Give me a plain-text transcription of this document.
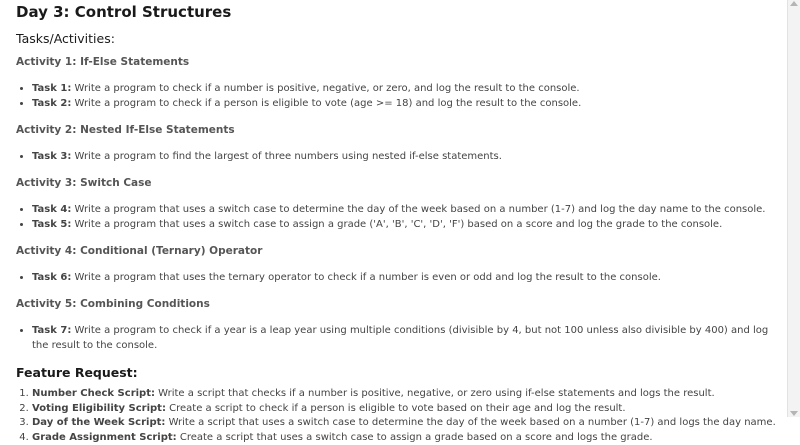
Day 3: Control Structures
Tasks/Activities:
Activity 1: If-Else Statements
• Task 1: Write a program to check if a number is positive, negative, or zero, and log the result to the console.
• Task 2: Write a program to check if a person is eligible to vote (age >= 18) and log the result to the console.
Activity 2: Nested If-Else Statements
• Task 3: Write a program to find the largest of three numbers using nested if-else statements.
Activity 3: Switch Case
• Task 4: Write a program that uses a switch case to determine the day of the week based on a number (1-7) and log the day name to the console.
• Task 5: Write a program that uses a switch case to assign a grade ('A', 'B', 'C', 'D', 'F') based on a score and log the grade to the console.
Activity 4: Conditional (Ternary) Operator
• Task 6: Write a program that uses the ternary operator to check if a number is even or odd and log the result to the console.
Activity 5: Combining Conditions
• Task 7: Write a program to check if a year is a leap year using multiple conditions (divisible by 4, but not 100 unless also divisible by 400) and log the result to the console.
Feature Request:
1. Number Check Script: Write a script that checks if a number is positive, negative, or zero using if-else statements and logs the result.
2. Voting Eligibility Script: Create a script to check if a person is eligible to vote based on their age and log the result.
3. Day of the Week Script: Write a script that uses a switch case to determine the day of the week based on a number (1-7) and logs the day name.
4. Grade Assignment Script: Create a script that uses a switch case to assign a grade based on a score and logs the grade.
